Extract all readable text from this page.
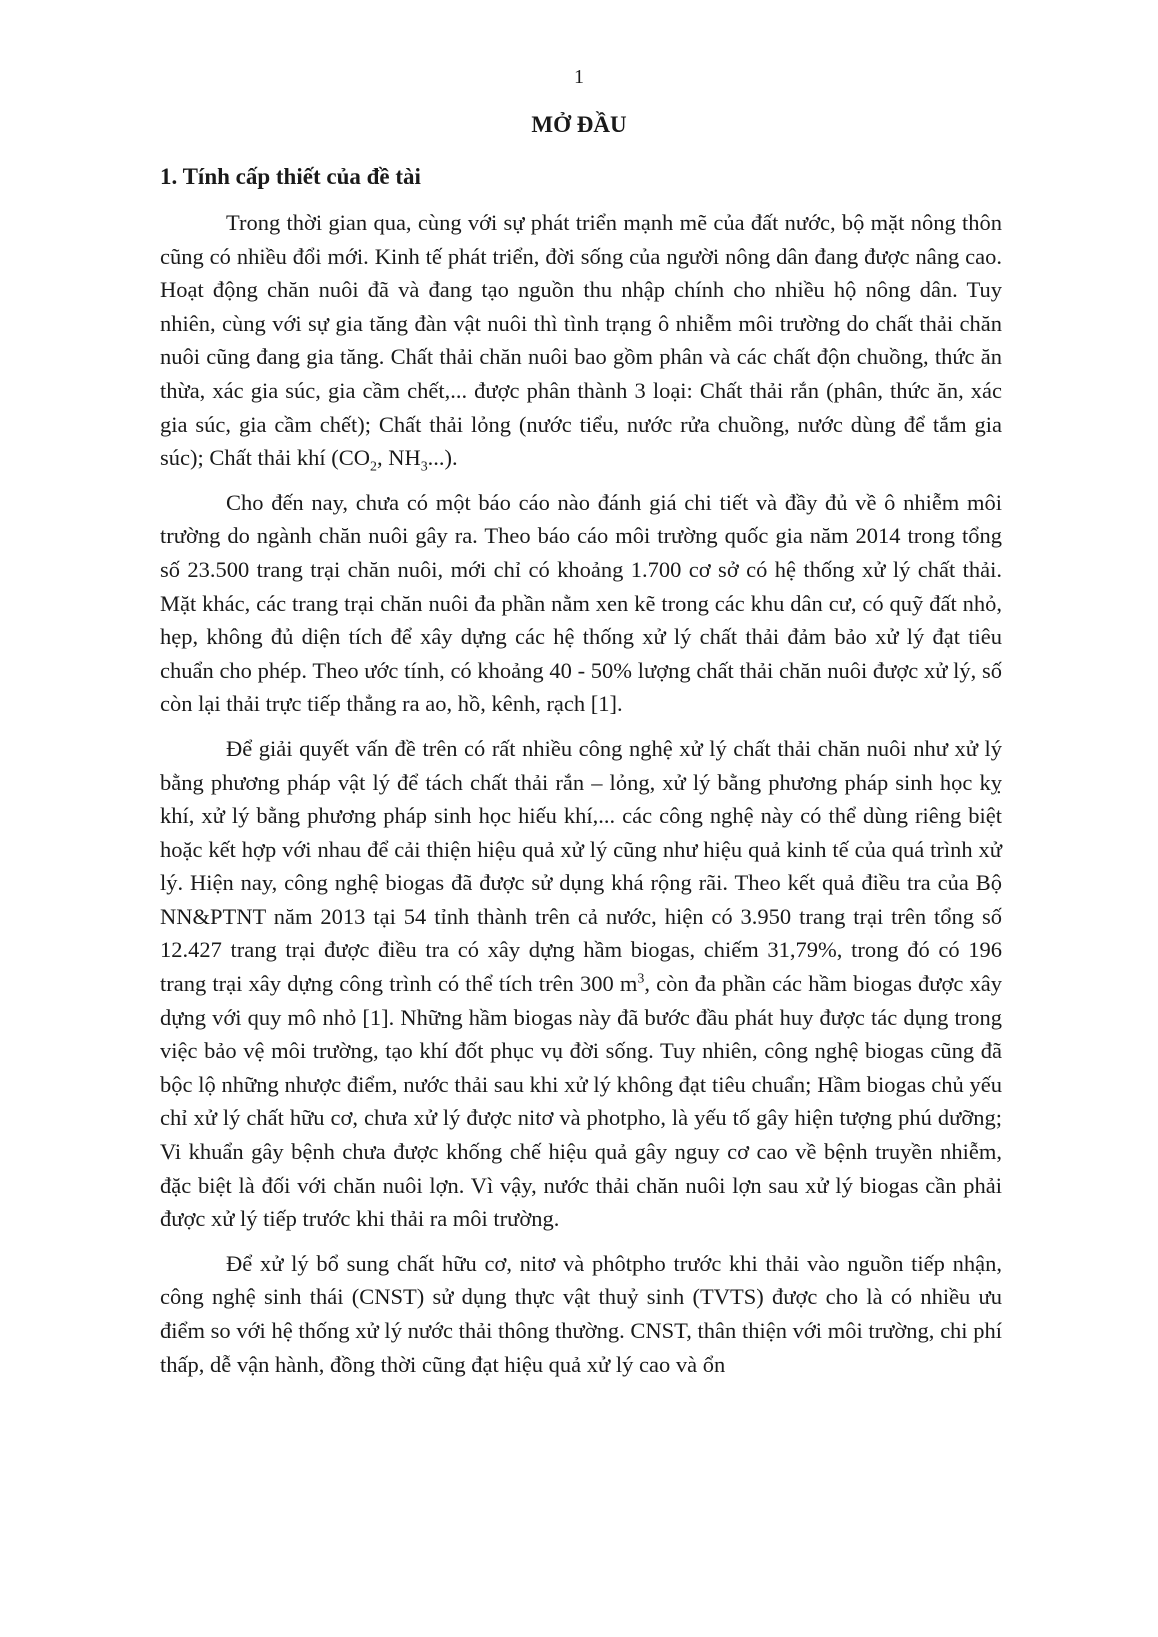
1
MỞ ĐẦU
1. Tính cấp thiết của đề tài

Trong thời gian qua, cùng với sự phát triển mạnh mẽ của đất nước, bộ mặt nông thôn cũng có nhiều đổi mới. Kinh tế phát triển, đời sống của người nông dân đang được nâng cao. Hoạt động chăn nuôi đã và đang tạo nguồn thu nhập chính cho nhiều hộ nông dân. Tuy nhiên, cùng với sự gia tăng đàn vật nuôi thì tình trạng ô nhiễm môi trường do chất thải chăn nuôi cũng đang gia tăng. Chất thải chăn nuôi bao gồm phân và các chất độn chuồng, thức ăn thừa, xác gia súc, gia cầm chết,... được phân thành 3 loại: Chất thải rắn (phân, thức ăn, xác gia súc, gia cầm chết); Chất thải lỏng (nước tiểu, nước rửa chuồng, nước dùng để tắm gia súc); Chất thải khí ($CO_2$, $NH_3$...).

Cho đến nay, chưa có một báo cáo nào đánh giá chi tiết và đầy đủ về ô nhiễm môi trường do ngành chăn nuôi gây ra. Theo báo cáo môi trường quốc gia năm 2014 trong tổng số 23.500 trang trại chăn nuôi, mới chỉ có khoảng 1.700 cơ sở có hệ thống xử lý chất thải. Mặt khác, các trang trại chăn nuôi đa phần nằm xen kẽ trong các khu dân cư, có quỹ đất nhỏ, hẹp, không đủ diện tích để xây dựng các hệ thống xử lý chất thải đảm bảo xử lý đạt tiêu chuẩn cho phép. Theo ước tính, có khoảng 40 - 50% lượng chất thải chăn nuôi được xử lý, số còn lại thải trực tiếp thẳng ra ao, hồ, kênh, rạch [1].

Để giải quyết vấn đề trên có rất nhiều công nghệ xử lý chất thải chăn nuôi như xử lý bằng phương pháp vật lý để tách chất thải rắn – lỏng, xử lý bằng phương pháp sinh học kỵ khí, xử lý bằng phương pháp sinh học hiếu khí,... các công nghệ này có thể dùng riêng biệt hoặc kết hợp với nhau để cải thiện hiệu quả xử lý cũng như hiệu quả kinh tế của quá trình xử lý. Hiện nay, công nghệ biogas đã được sử dụng khá rộng rãi. Theo kết quả điều tra của Bộ NN&PTNT năm 2013 tại 54 tỉnh thành trên cả nước, hiện có 3.950 trang trại trên tổng số 12.427 trang trại được điều tra có xây dựng hầm biogas, chiếm 31,79%, trong đó có 196 trang trại xây dựng công trình có thể tích trên 300 $m^3$, còn đa phần các hầm biogas được xây dựng với quy mô nhỏ [1]. Những hầm biogas này đã bước đầu phát huy được tác dụng trong việc bảo vệ môi trường, tạo khí đốt phục vụ đời sống. Tuy nhiên, công nghệ biogas cũng đã bộc lộ những nhược điểm, nước thải sau khi xử lý không đạt tiêu chuẩn; Hầm biogas chủ yếu chỉ xử lý chất hữu cơ, chưa xử lý được nitơ và photpho, là yếu tố gây hiện tượng phú dưỡng; Vi khuẩn gây bệnh chưa được khống chế hiệu quả gây nguy cơ cao về bệnh truyền nhiễm, đặc biệt là đối với chăn nuôi lợn. Vì vậy, nước thải chăn nuôi lợn sau xử lý biogas cần phải được xử lý tiếp trước khi thải ra môi trường.

Để xử lý bổ sung chất hữu cơ, nitơ và phôtpho trước khi thải vào nguồn tiếp nhận, công nghệ sinh thái (CNST) sử dụng thực vật thuỷ sinh (TVTS) được cho là có nhiều ưu điểm so với hệ thống xử lý nước thải thông thường. CNST, thân thiện với môi trường, chi phí thấp, dễ vận hành, đồng thời cũng đạt hiệu quả xử lý cao và ổn
